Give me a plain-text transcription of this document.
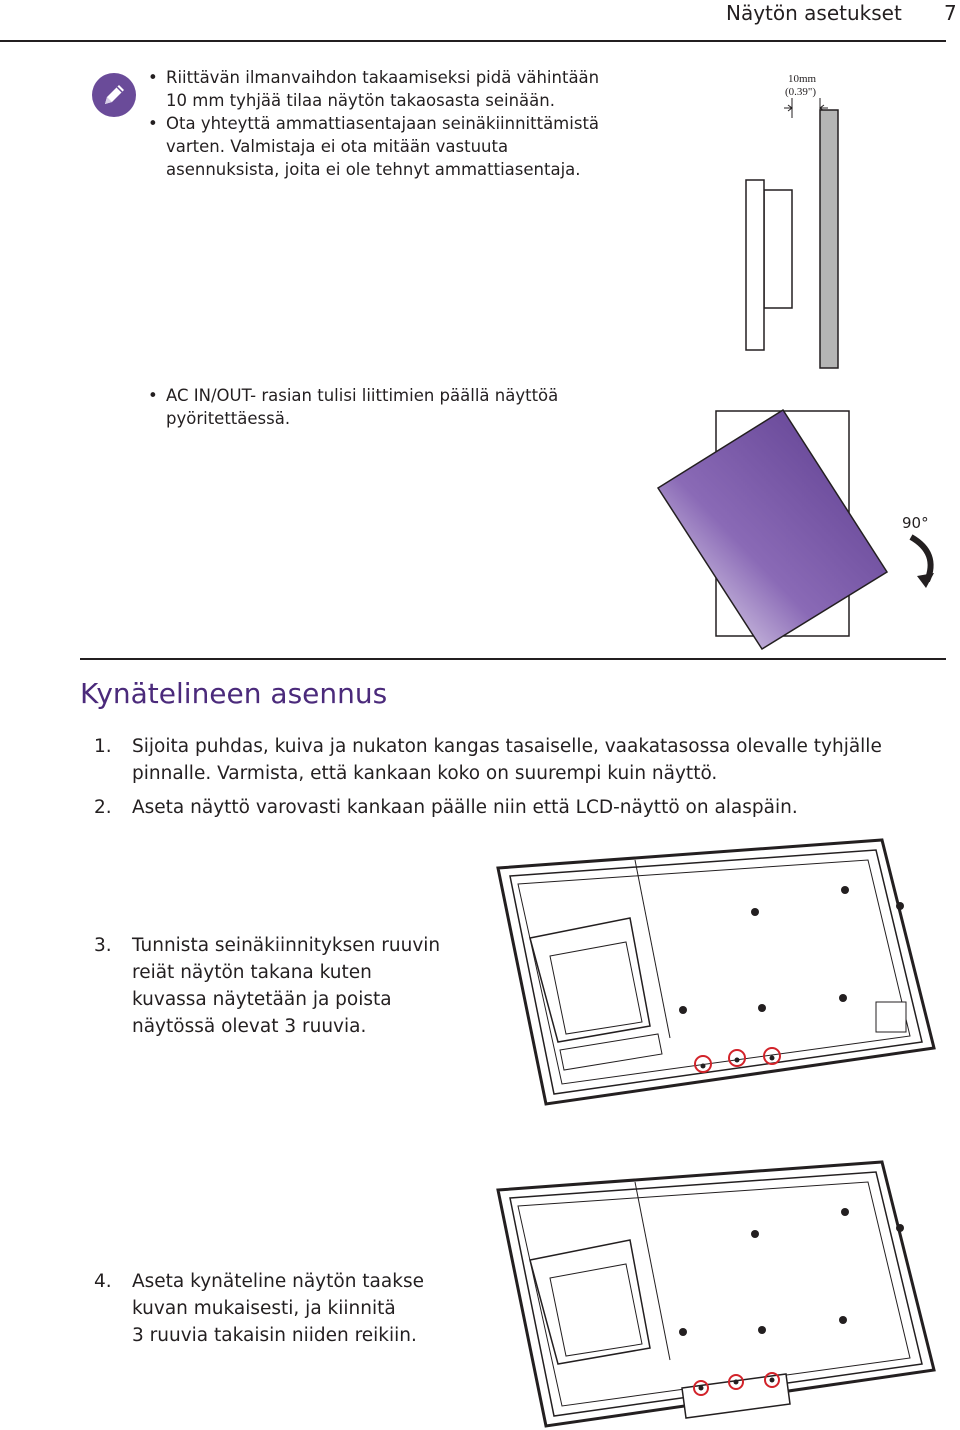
Näytön asetukset 7
• Riittävän ilmanvaihdon takaamiseksi pidä vähintään 10 mm tyhjää tilaa näytön takaosasta seinään.
• Ota yhteyttä ammattiasentajaan seinäkiinnittämistä varten. Valmistaja ei ota mitään vastuuta asennuksista, joita ei ole tehnyt ammattiasentaja.
• AC IN/OUT- rasian tulisi liittimien päällä näyttöä pyöritettäessä.
10mm
(0.39")
90°
Kynätelineen asennus
1. Sijoita puhdas, kuiva ja nukaton kangas tasaiselle, vaakatasossa olevalle tyhjälle
pinnalle. Varmista, että kankaan koko on suurempi kuin näyttö.
2. Aseta näyttö varovasti kankaan päälle niin että LCD-näyttö on alaspäin.
3. Tunnista seinäkiinnityksen ruuvin
reiät näytön takana kuten
kuvassa näytetään ja poista
näytössä olevat 3 ruuvia.
4. Aseta kynäteline näytön taakse
kuvan mukaisesti, ja kiinnitä
3 ruuvia takaisin niiden reikiin.
